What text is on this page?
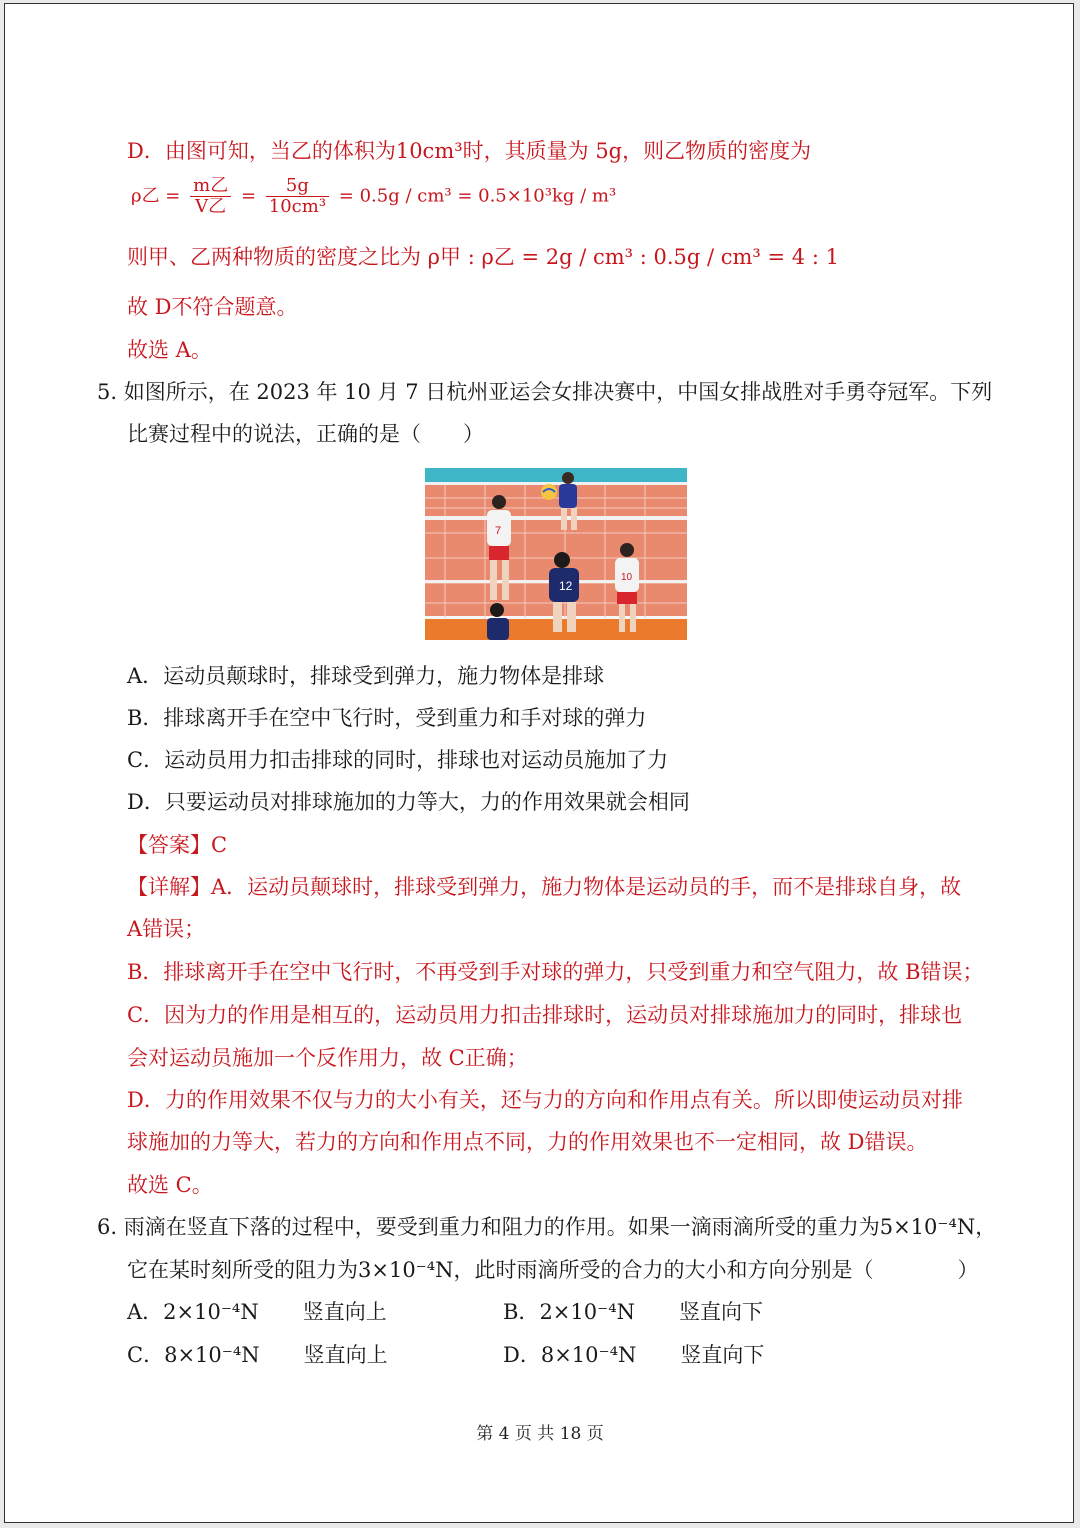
D．由图可知，当乙的体积为10cm³时，其质量为 5g，则乙物质的密度为
ρ乙 = $\frac{\text{m乙}}{\text{V乙}} = \frac{5g}{\text{10cm³}} = 0.5g / cm^3 = 0.5\times 10^3kg / m^3$
则甲、乙两种物质的密度之比为 ρ甲 : ρ乙 = 2g / cm³ : 0.5g / cm³ = 4 : 1
故 D不符合题意。
故选 A。
5. 如图所示，在 2023 年 10 月 7 日杭州亚运会女排决赛中，中国女排战胜对手勇夺冠军。下列
比赛过程中的说法，正确的是（　　）
7
12
10
A．运动员颠球时，排球受到弹力，施力物体是排球
B．排球离开手在空中飞行时，受到重力和手对球的弹力
C．运动员用力扣击排球的同时，排球也对运动员施加了力
D．只要运动员对排球施加的力等大，力的作用效果就会相同
【答案】C
【详解】A．运动员颠球时，排球受到弹力，施力物体是运动员的手，而不是排球自身，故
A错误；
B．排球离开手在空中飞行时，不再受到手对球的弹力，只受到重力和空气阻力，故 B错误；
C．因为力的作用是相互的，运动员用力扣击排球时，运动员对排球施加力的同时，排球也
会对运动员施加一个反作用力，故 C正确；
D．力的作用效果不仅与力的大小有关，还与力的方向和作用点有关。所以即使运动员对排
球施加的力等大，若力的方向和作用点不同，力的作用效果也不一定相同，故 D错误。
故选 C。
6. 雨滴在竖直下落的过程中，要受到重力和阻力的作用。如果一滴雨滴所受的重力为5×10⁻⁴N，
它在某时刻所受的阻力为3×10⁻⁴N，此时雨滴所受的合力的大小和方向分别是（　　　　）
A．2×10⁻⁴N 竖直向上	B．2×10⁻⁴N 竖直向下
C．8×10⁻⁴N 竖直向上	D．8×10⁻⁴N 竖直向下
第 4 页 共 18 页
